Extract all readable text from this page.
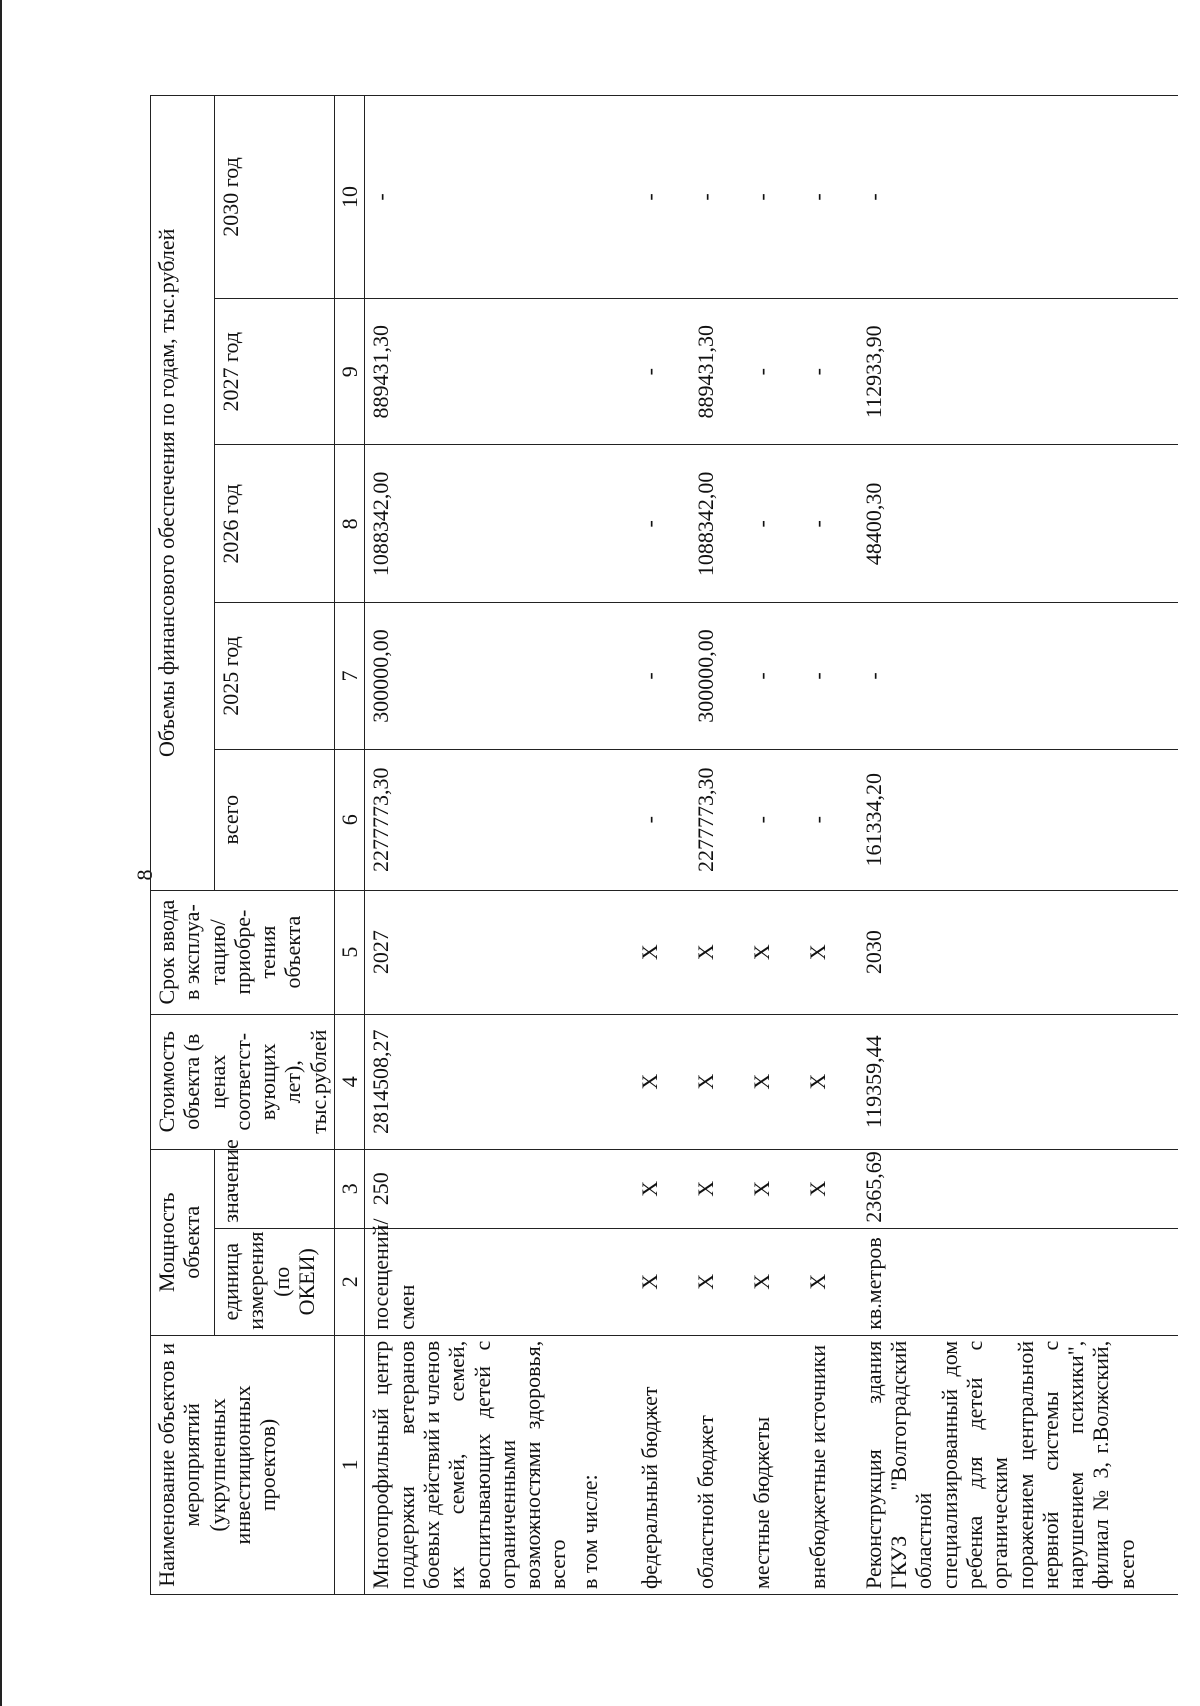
8
Наименование объектов и мероприятий (укрупненных инвестиционных проектов)	Мощность объекта		Стоимость объекта (в ценах соответст-вующих лет), тыс.рублей	Срок ввода в эксплуа-тацию/ приобре-тения объекта	Объемы финансового обеспечения по годам, тыс.рублей				
	единица измерения (по ОКЕИ)	значение			всего	2025 год	2026 год	2027 год	2030 год
1	2	3	4	5	6	7	8	9	10
Многопрофильный центр поддержки ветеранов боевых действий и членов их семей, семей, воспитывающих детей с ограниченными возможностями здоровья, всего	посещений/ смен	250	2814508,27	2027	2277773,30	300000,00	1088342,00	889431,30	-
в том числе:									
федеральный бюджет	Х	Х	Х	Х	-	-	-	-	-
областной бюджет	Х	Х	Х	Х	2277773,30	300000,00	1088342,00	889431,30	-
местные бюджеты	Х	Х	Х	Х	-	-	-	-	-
внебюджетные источники	Х	Х	Х	Х	-	-	-	-	-
Реконструкция здания ГКУЗ "Волгоградский областной специализированный дом ребенка для детей с органическим поражением центральной нервной системы с нарушением психики", филиал № 3, г.Волжский, всего	кв.метров	2365,69	119359,44	2030	161334,20	-	48400,30	112933,90	-
